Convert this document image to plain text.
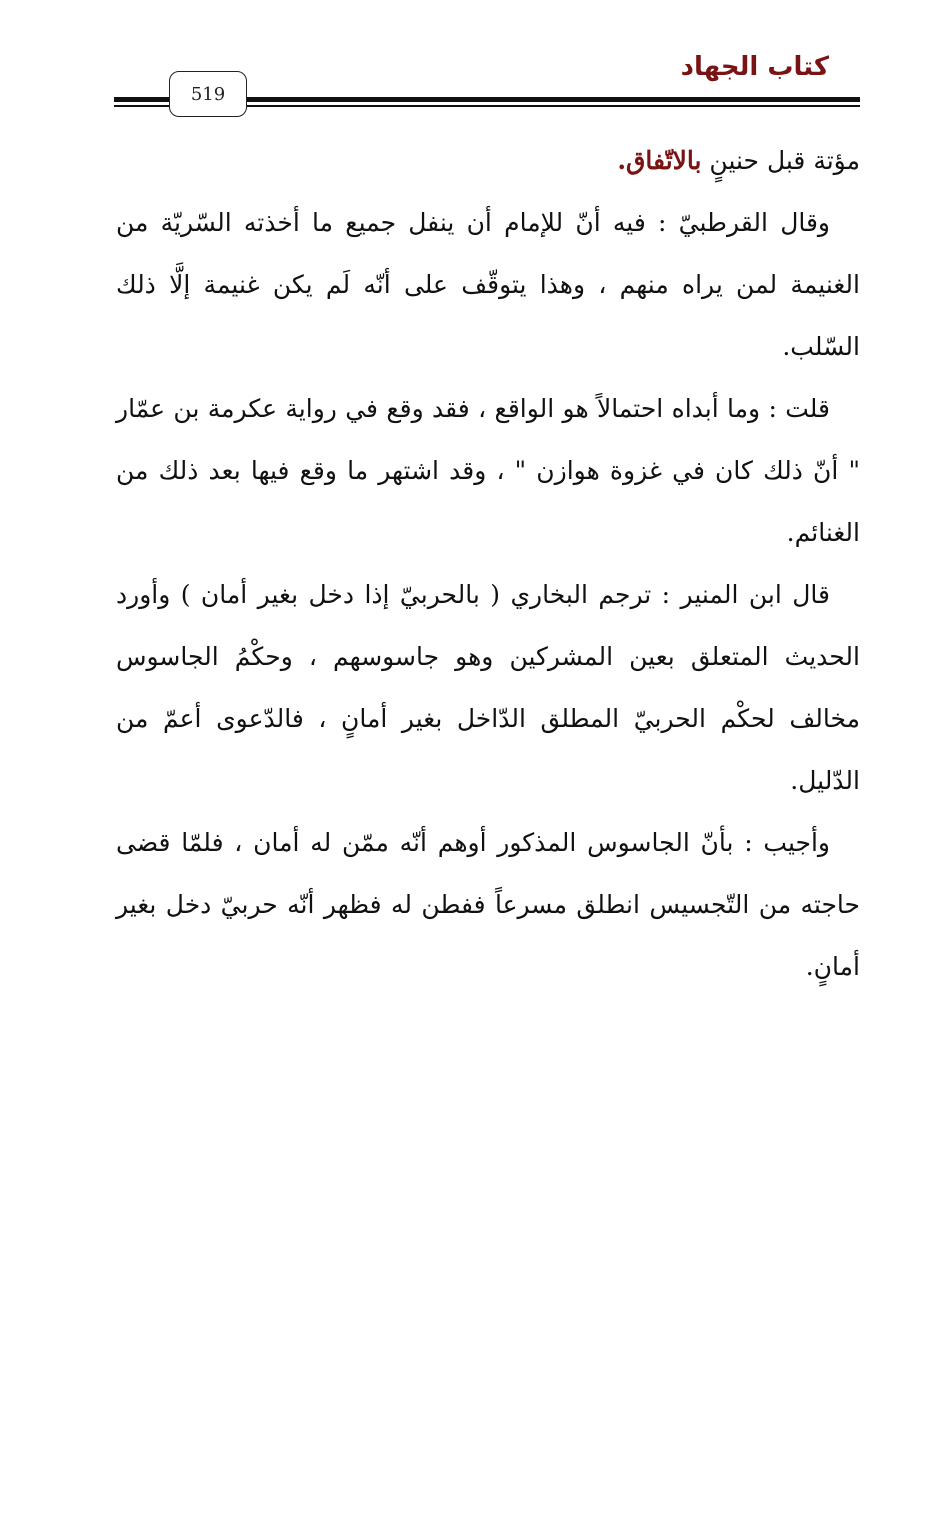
كتاب الجهاد
519

مؤتة قبل حنينٍ بالاتّفاق.

وقال القرطبيّ : فيه أنّ للإمام أن ينفل جميع ما أخذته السّريّة من الغنيمة لمن يراه منهم ، وهذا يتوقّف على أنّه لَم يكن غنيمة إلَّا ذلك السّلب.

قلت : وما أبداه احتمالاً هو الواقع ، فقد وقع في رواية عكرمة بن عمّار " أنّ ذلك كان في غزوة هوازن " ، وقد اشتهر ما وقع فيها بعد ذلك من الغنائم.

قال ابن المنير : ترجم البخاري ( بالحربيّ إذا دخل بغير أمان ) وأورد الحديث المتعلق بعين المشركين وهو جاسوسهم ، وحكْمُ الجاسوس مخالف لحكْم الحربيّ المطلق الدّاخل بغير أمانٍ ، فالدّعوى أعمّ من الدّليل.

وأجيب : بأنّ الجاسوس المذكور أوهم أنّه ممّن له أمان ، فلمّا قضى حاجته من التّجسيس انطلق مسرعاً ففطن له فظهر أنّه حربيّ دخل بغير أمانٍ.
